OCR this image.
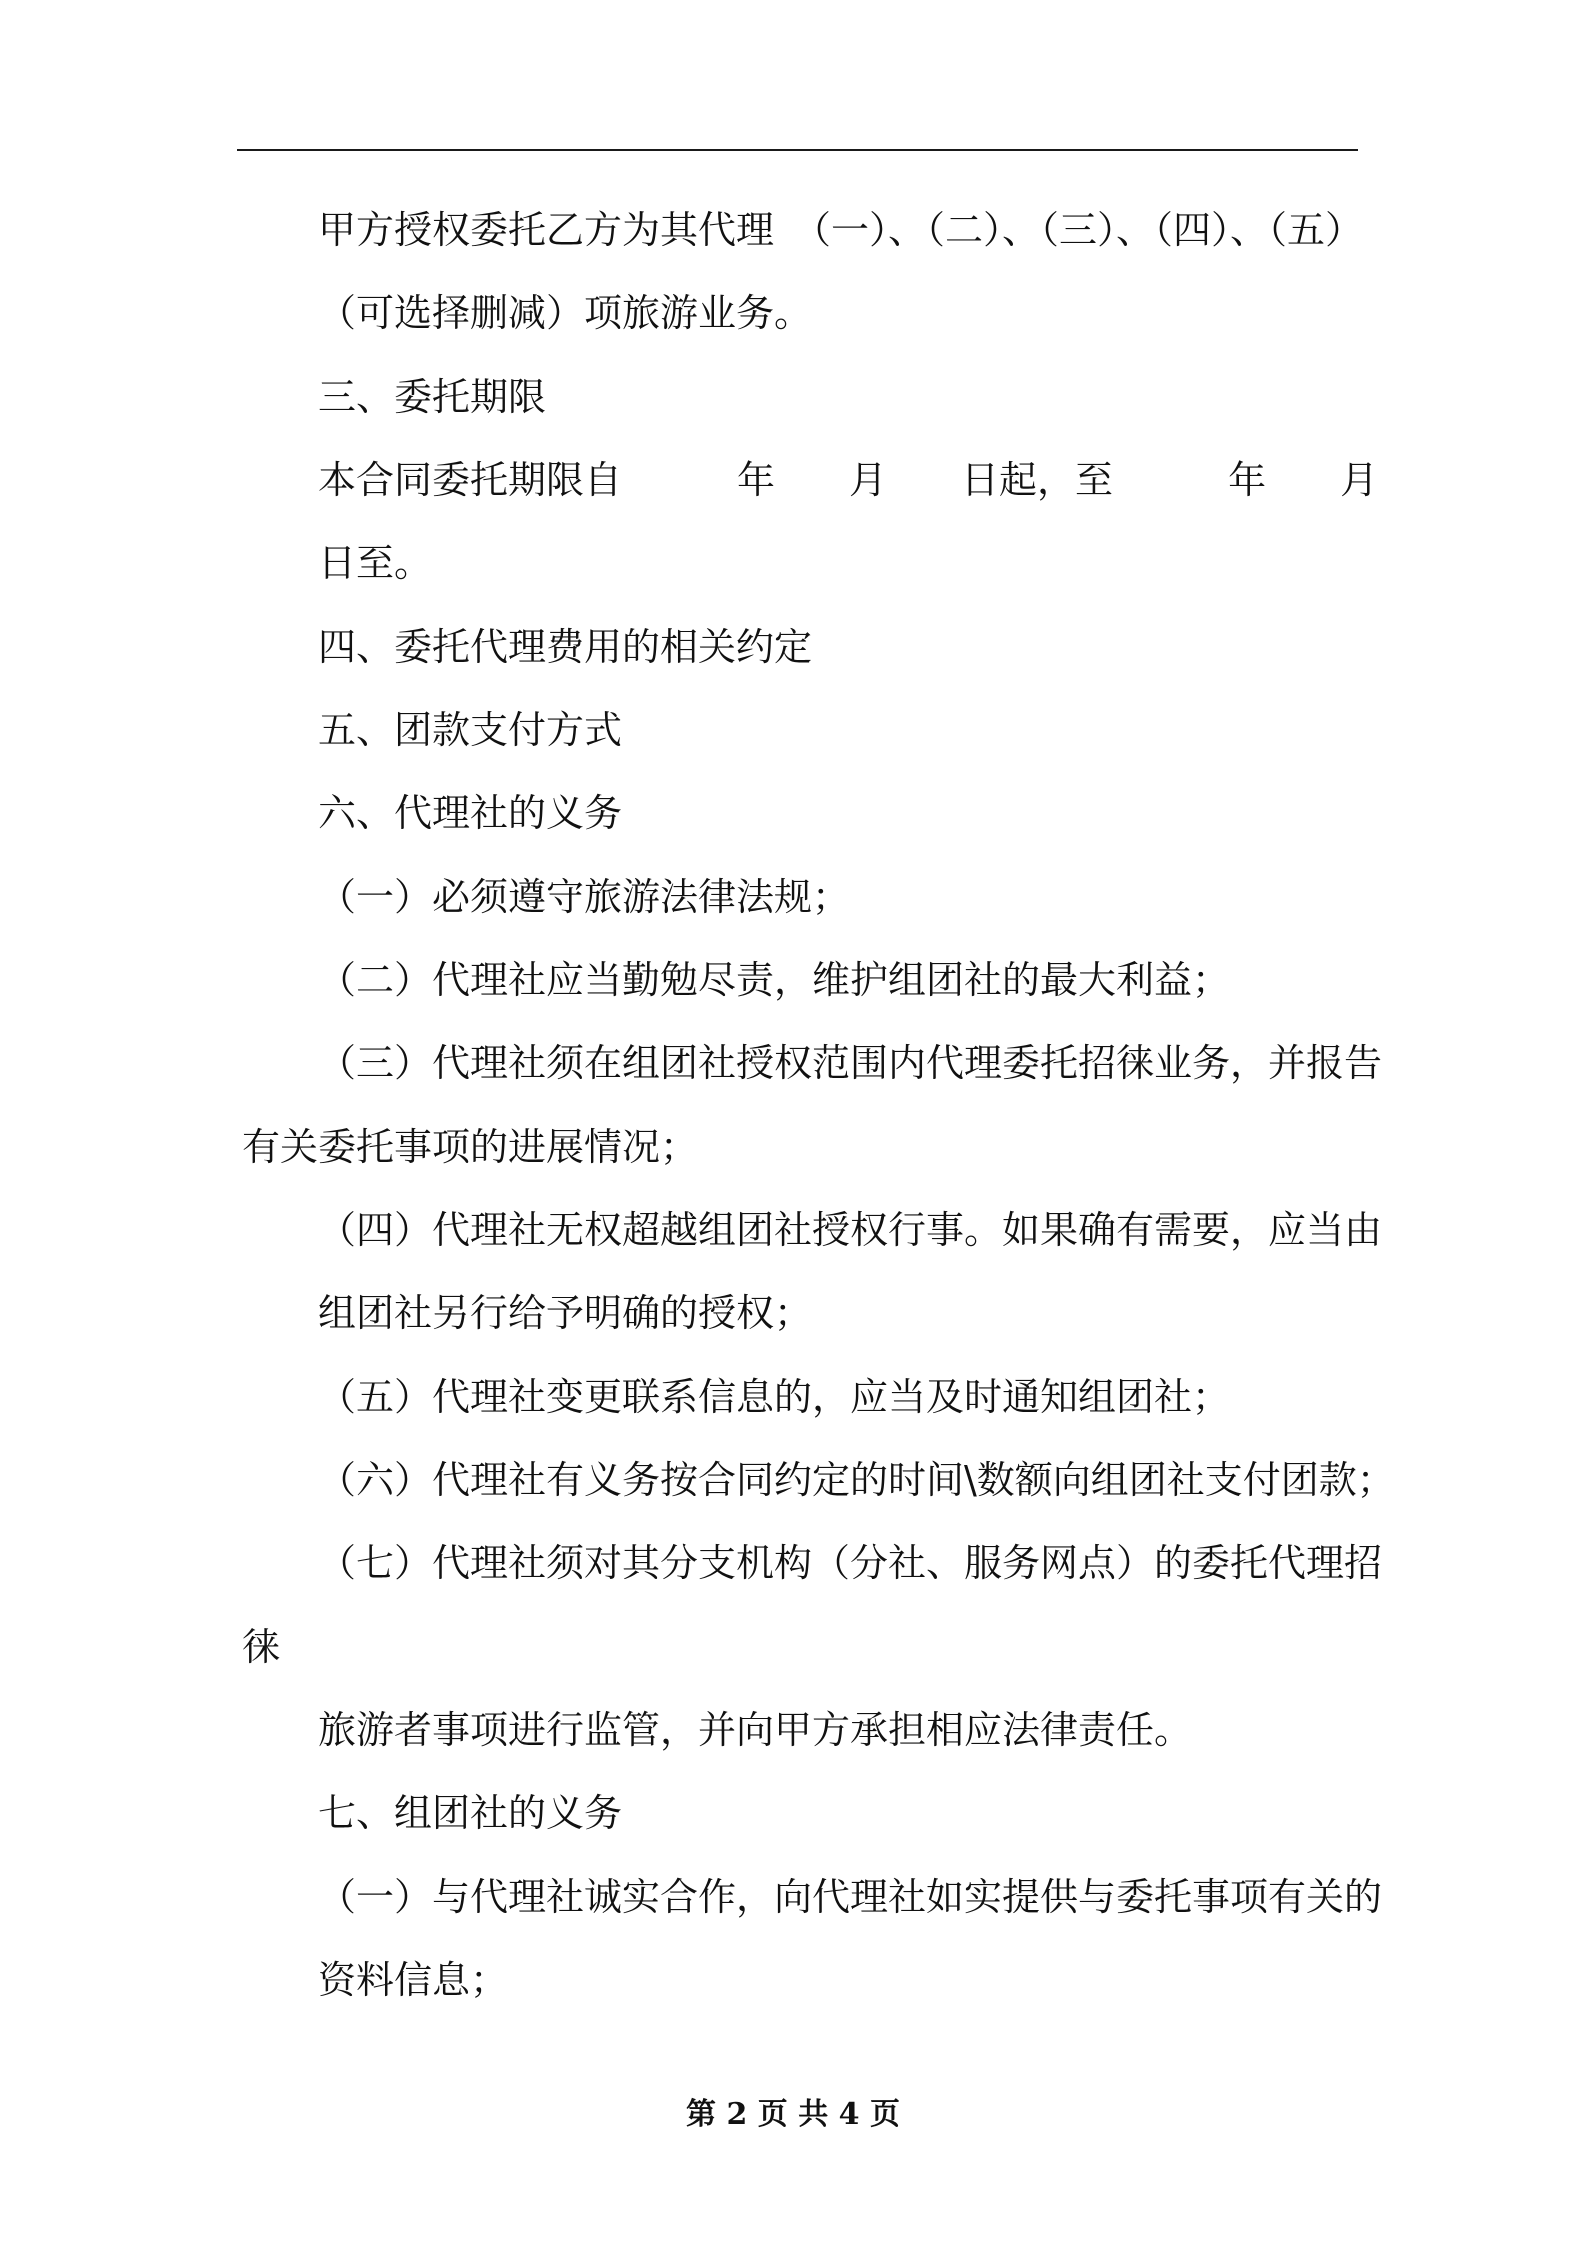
甲方授权委托乙方为其代理　（一）、（二）、（三）、（四）、（五）
（可选择删减）项旅游业务。
三、委托期限
本合同委托期限自	年 月 日起，至	年 月
日至。
四、委托代理费用的相关约定
五、团款支付方式
六、代理社的义务
（一）必须遵守旅游法律法规；
（二）代理社应当勤勉尽责，维护组团社的最大利益；
（三）代理社须在组团社授权范围内代理委托招徕业务，并报告
有关委托事项的进展情况；
（四）代理社无权超越组团社授权行事。如果确有需要，应当由
组团社另行给予明确的授权；
（五）代理社变更联系信息的，应当及时通知组团社；
（六）代理社有义务按合同约定的时间\数额向组团社支付团款；
（七）代理社须对其分支机构（分社、服务网点）的委托代理招
徕
旅游者事项进行监管，并向甲方承担相应法律责任。
七、组团社的义务
（一）与代理社诚实合作，向代理社如实提供与委托事项有关的
资料信息；
第 2 页 共 4 页
